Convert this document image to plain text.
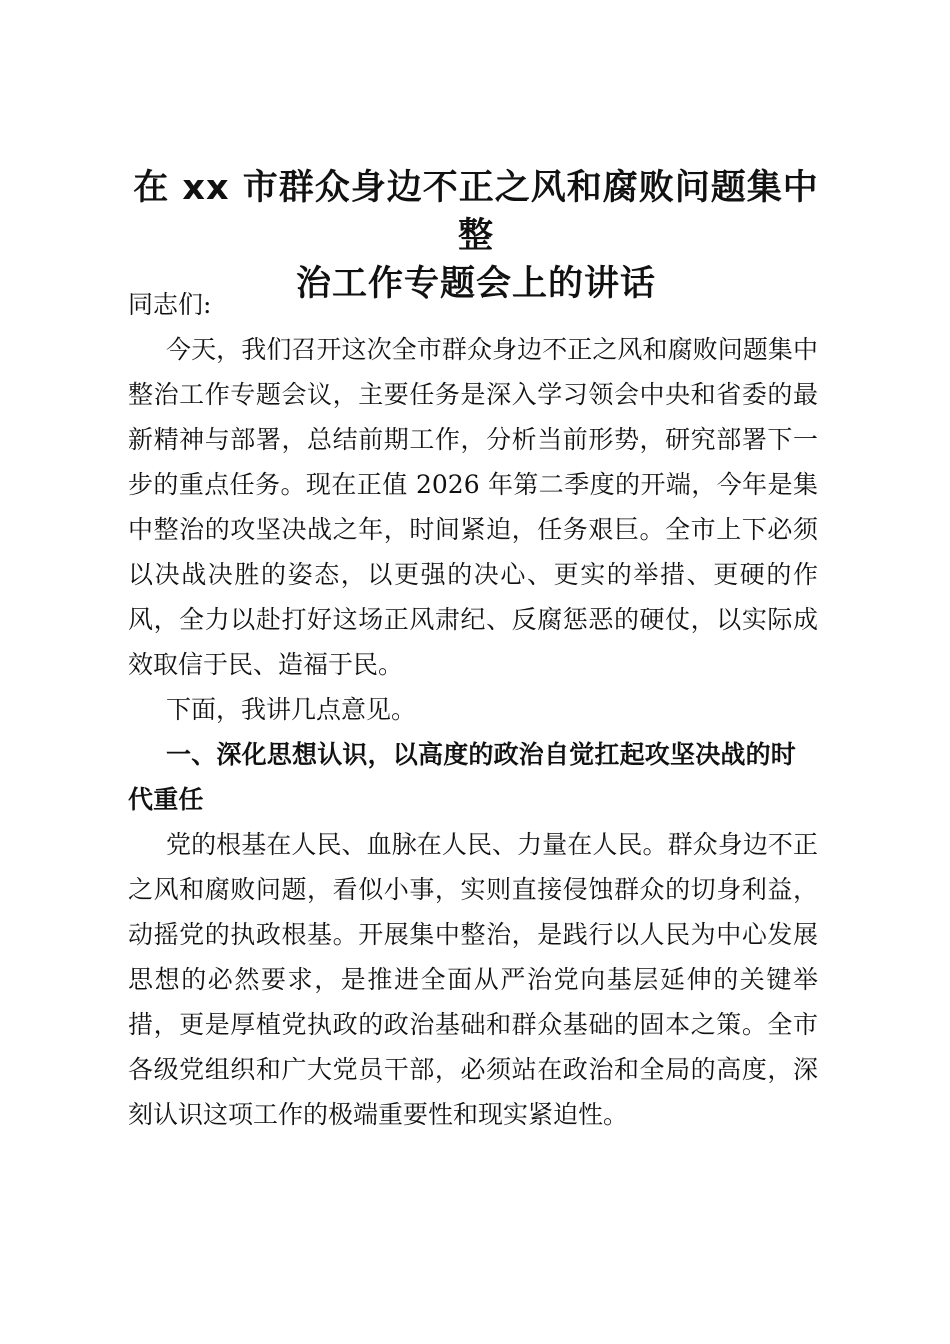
在 xx 市群众身边不正之风和腐败问题集中整
治工作专题会上的讲话

同志们:

今天，我们召开这次全市群众身边不正之风和腐败问题集中整治工作专题会议，主要任务是深入学习领会中央和省委的最新精神与部署，总结前期工作，分析当前形势，研究部署下一步的重点任务。现在正值 2026 年第二季度的开端，今年是集中整治的攻坚决战之年，时间紧迫，任务艰巨。全市上下必须以决战决胜的姿态，以更强的决心、更实的举措、更硬的作风，全力以赴打好这场正风肃纪、反腐惩恶的硬仗，以实际成效取信于民、造福于民。

下面，我讲几点意见。

一、深化思想认识，以高度的政治自觉扛起攻坚决战的时代重任

党的根基在人民、血脉在人民、力量在人民。群众身边不正之风和腐败问题，看似小事，实则直接侵蚀群众的切身利益，动摇党的执政根基。开展集中整治，是践行以人民为中心发展思想的必然要求，是推进全面从严治党向基层延伸的关键举措，更是厚植党执政的政治基础和群众基础的固本之策。全市各级党组织和广大党员干部，必须站在政治和全局的高度，深刻认识这项工作的极端重要性和现实紧迫性。
